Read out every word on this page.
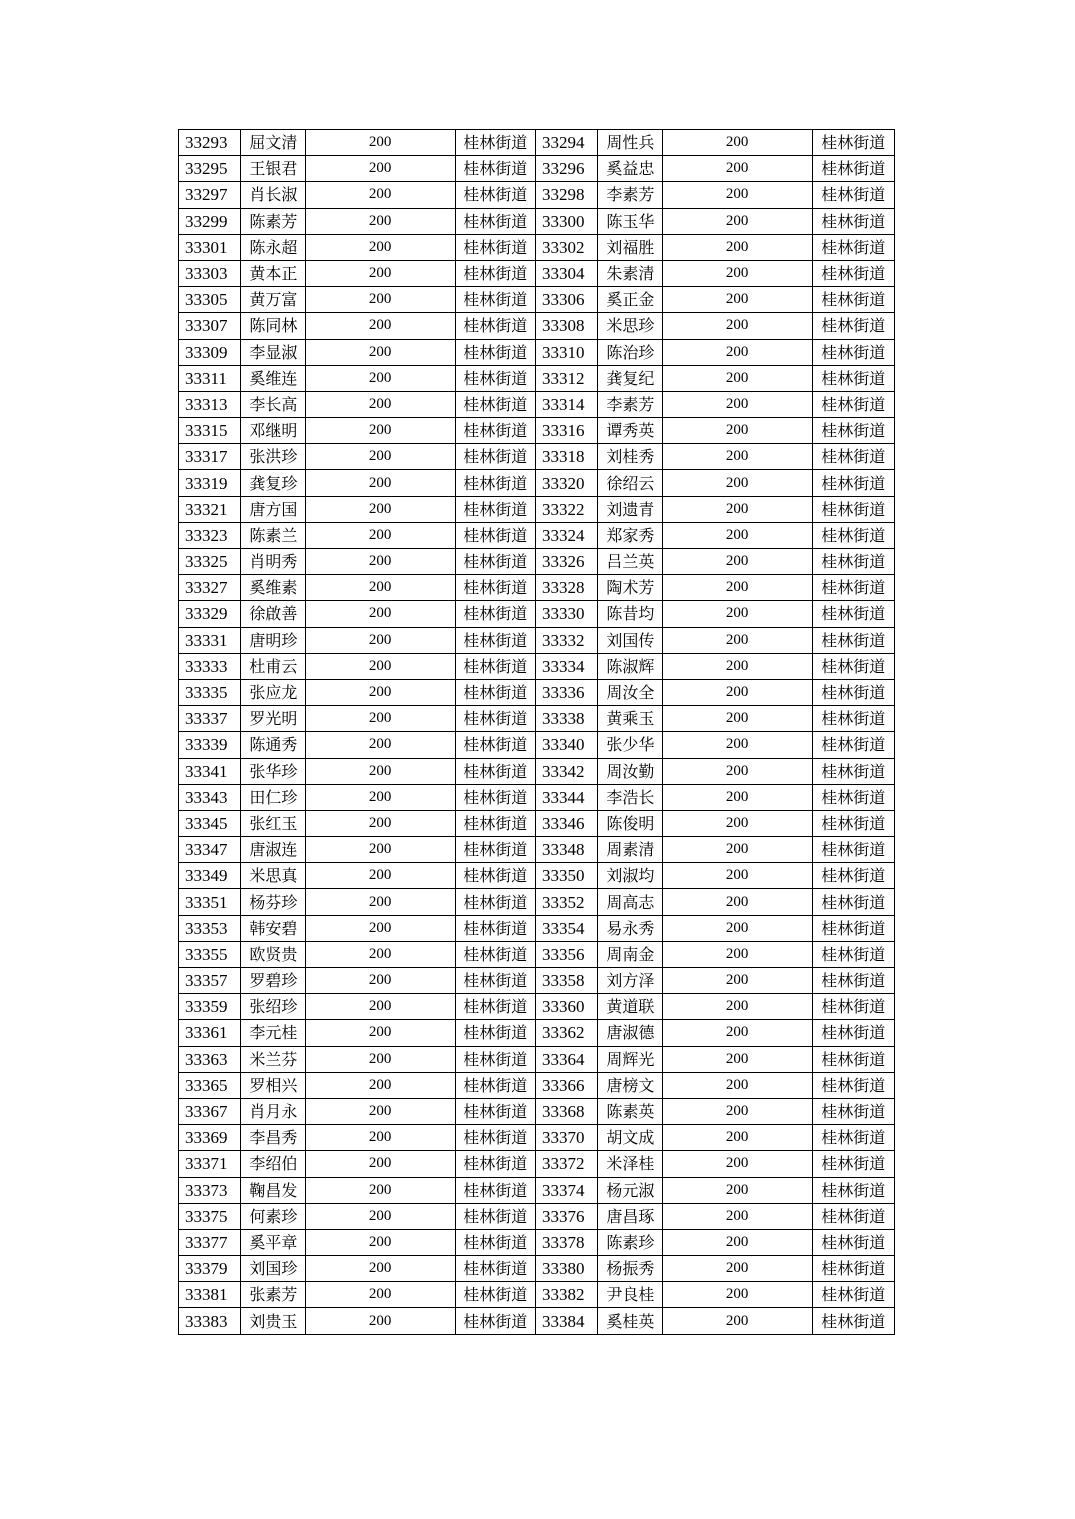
33293	屈文清	200	桂林街道	33294	周性兵	200	桂林街道
33295	王银君	200	桂林街道	33296	奚益忠	200	桂林街道
33297	肖长淑	200	桂林街道	33298	李素芳	200	桂林街道
33299	陈素芳	200	桂林街道	33300	陈玉华	200	桂林街道
33301	陈永超	200	桂林街道	33302	刘福胜	200	桂林街道
33303	黄本正	200	桂林街道	33304	朱素清	200	桂林街道
33305	黄万富	200	桂林街道	33306	奚正金	200	桂林街道
33307	陈同林	200	桂林街道	33308	米思珍	200	桂林街道
33309	李显淑	200	桂林街道	33310	陈治珍	200	桂林街道
33311	奚维连	200	桂林街道	33312	龚复纪	200	桂林街道
33313	李长高	200	桂林街道	33314	李素芳	200	桂林街道
33315	邓继明	200	桂林街道	33316	谭秀英	200	桂林街道
33317	张洪珍	200	桂林街道	33318	刘桂秀	200	桂林街道
33319	龚复珍	200	桂林街道	33320	徐绍云	200	桂林街道
33321	唐方国	200	桂林街道	33322	刘遗青	200	桂林街道
33323	陈素兰	200	桂林街道	33324	郑家秀	200	桂林街道
33325	肖明秀	200	桂林街道	33326	吕兰英	200	桂林街道
33327	奚维素	200	桂林街道	33328	陶术芳	200	桂林街道
33329	徐啟善	200	桂林街道	33330	陈昔均	200	桂林街道
33331	唐明珍	200	桂林街道	33332	刘国传	200	桂林街道
33333	杜甫云	200	桂林街道	33334	陈淑辉	200	桂林街道
33335	张应龙	200	桂林街道	33336	周汝全	200	桂林街道
33337	罗光明	200	桂林街道	33338	黄乘玉	200	桂林街道
33339	陈通秀	200	桂林街道	33340	张少华	200	桂林街道
33341	张华珍	200	桂林街道	33342	周汝勤	200	桂林街道
33343	田仁珍	200	桂林街道	33344	李浩长	200	桂林街道
33345	张红玉	200	桂林街道	33346	陈俊明	200	桂林街道
33347	唐淑连	200	桂林街道	33348	周素清	200	桂林街道
33349	米思真	200	桂林街道	33350	刘淑均	200	桂林街道
33351	杨芬珍	200	桂林街道	33352	周高志	200	桂林街道
33353	韩安碧	200	桂林街道	33354	易永秀	200	桂林街道
33355	欧贤贵	200	桂林街道	33356	周南金	200	桂林街道
33357	罗碧珍	200	桂林街道	33358	刘方泽	200	桂林街道
33359	张绍珍	200	桂林街道	33360	黄道联	200	桂林街道
33361	李元桂	200	桂林街道	33362	唐淑德	200	桂林街道
33363	米兰芬	200	桂林街道	33364	周辉光	200	桂林街道
33365	罗相兴	200	桂林街道	33366	唐榜文	200	桂林街道
33367	肖月永	200	桂林街道	33368	陈素英	200	桂林街道
33369	李昌秀	200	桂林街道	33370	胡文成	200	桂林街道
33371	李绍伯	200	桂林街道	33372	米泽桂	200	桂林街道
33373	鞠昌发	200	桂林街道	33374	杨元淑	200	桂林街道
33375	何素珍	200	桂林街道	33376	唐昌琢	200	桂林街道
33377	奚平章	200	桂林街道	33378	陈素珍	200	桂林街道
33379	刘国珍	200	桂林街道	33380	杨振秀	200	桂林街道
33381	张素芳	200	桂林街道	33382	尹良桂	200	桂林街道
33383	刘贵玉	200	桂林街道	33384	奚桂英	200	桂林街道
